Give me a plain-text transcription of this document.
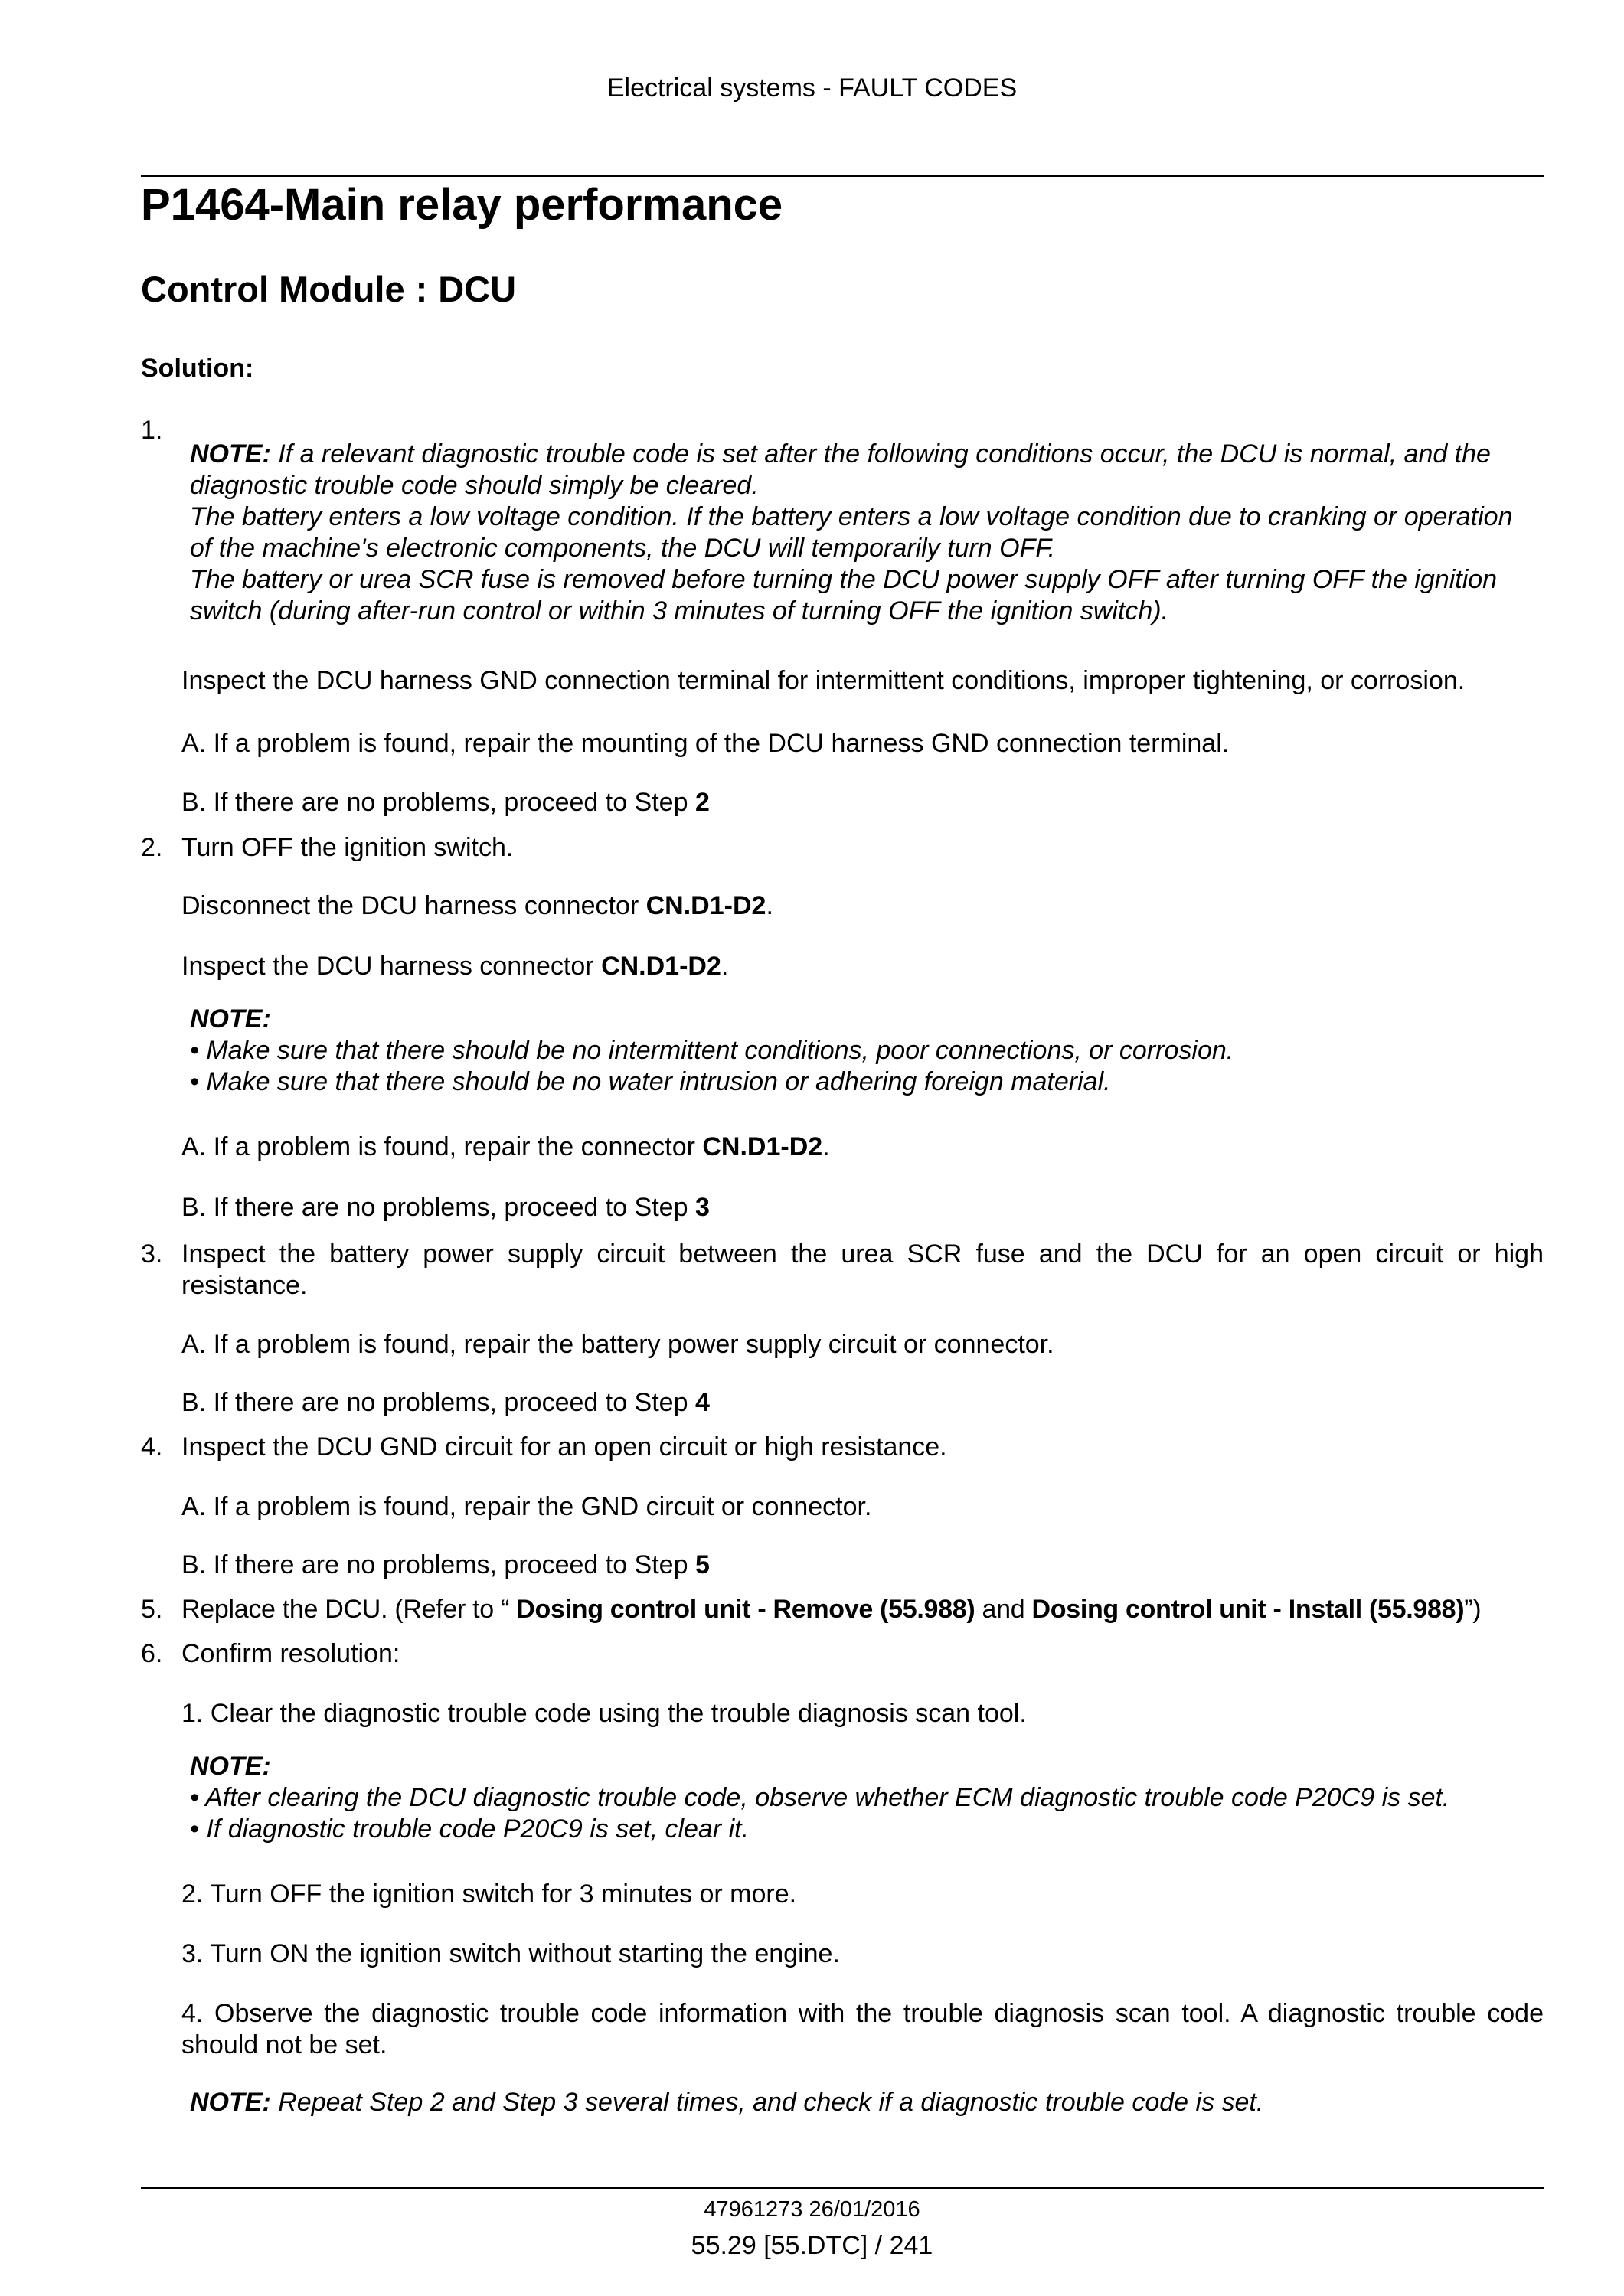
Electrical systems - FAULT CODES
P1464-Main relay performance
Control Module : DCU
Solution:
1.
NOTE: If a relevant diagnostic trouble code is set after the following conditions occur, the DCU is normal, and the
diagnostic trouble code should simply be cleared.
The battery enters a low voltage condition. If the battery enters a low voltage condition due to cranking or operation
of the machine's electronic components, the DCU will temporarily turn OFF.
The battery or urea SCR fuse is removed before turning the DCU power supply OFF after turning OFF the ignition
switch (during after-run control or within 3 minutes of turning OFF the ignition switch).
Inspect the DCU harness GND connection terminal for intermittent conditions, improper tightening, or corrosion.
A. If a problem is found, repair the mounting of the DCU harness GND connection terminal.
B. If there are no problems, proceed to Step 2
2. Turn OFF the ignition switch.
Disconnect the DCU harness connector CN.D1-D2.
Inspect the DCU harness connector CN.D1-D2.
NOTE:
• Make sure that there should be no intermittent conditions, poor connections, or corrosion.
• Make sure that there should be no water intrusion or adhering foreign material.
A. If a problem is found, repair the connector CN.D1-D2.
B. If there are no problems, proceed to Step 3
3. Inspect the battery power supply circuit between the urea SCR fuse and the DCU for an open circuit or high
resistance.
A. If a problem is found, repair the battery power supply circuit or connector.
B. If there are no problems, proceed to Step 4
4. Inspect the DCU GND circuit for an open circuit or high resistance.
A. If a problem is found, repair the GND circuit or connector.
B. If there are no problems, proceed to Step 5
5. Replace the DCU. (Refer to “ Dosing control unit - Remove (55.988) and Dosing control unit - Install (55.988)”)
6. Confirm resolution:
1. Clear the diagnostic trouble code using the trouble diagnosis scan tool.
NOTE:
• After clearing the DCU diagnostic trouble code, observe whether ECM diagnostic trouble code P20C9 is set.
• If diagnostic trouble code P20C9 is set, clear it.
2. Turn OFF the ignition switch for 3 minutes or more.
3. Turn ON the ignition switch without starting the engine.
4. Observe the diagnostic trouble code information with the trouble diagnosis scan tool. A diagnostic trouble code
should not be set.
NOTE: Repeat Step 2 and Step 3 several times, and check if a diagnostic trouble code is set.
47961273 26/01/2016
55.29 [55.DTC] / 241
